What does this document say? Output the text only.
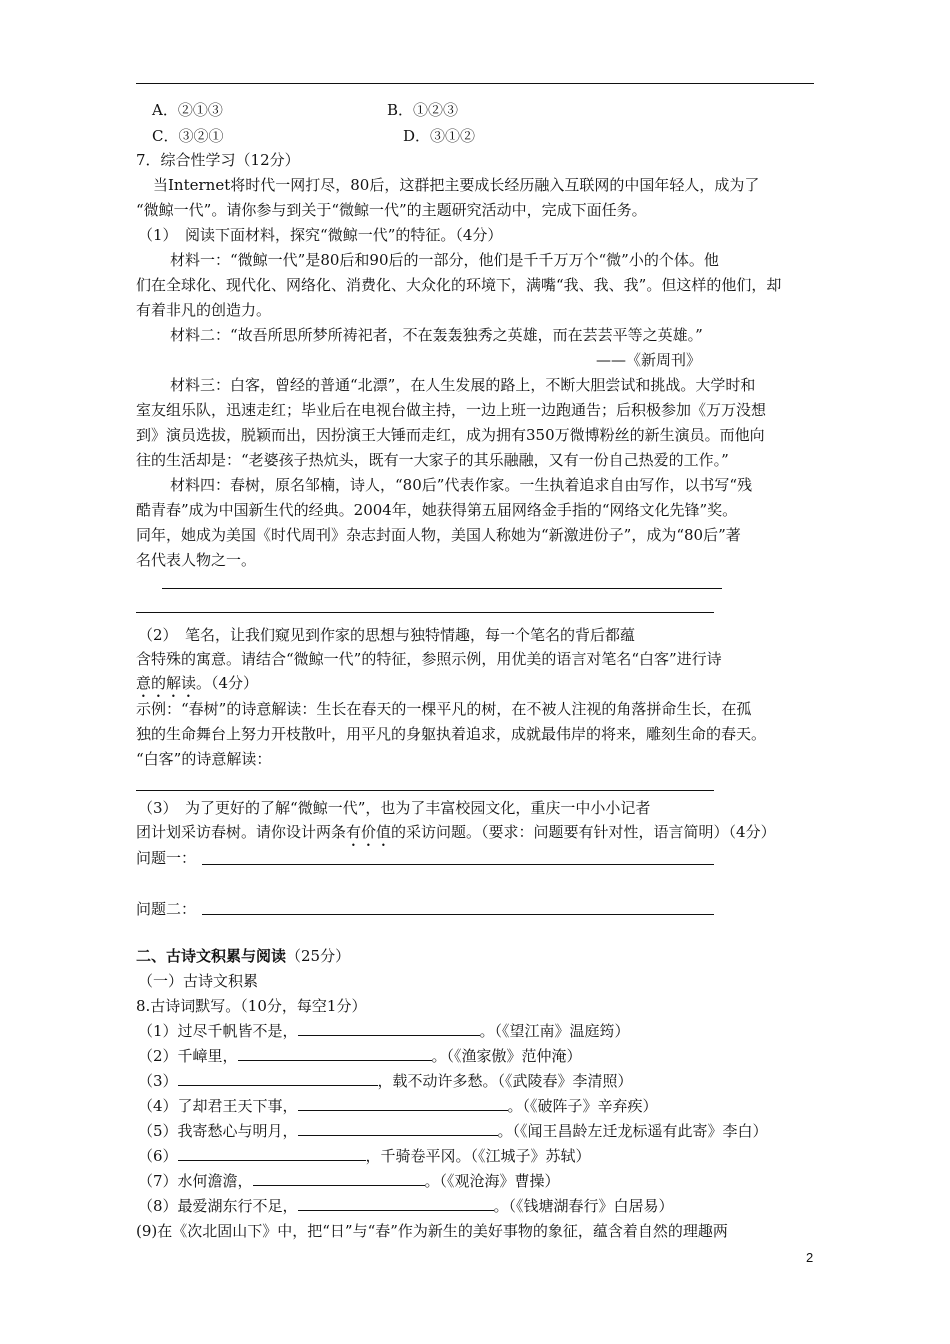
A．②①③	B．①②③
C．③②①	D．③①②
7．综合性学习（12分）
当Internet将时代一网打尽，80后，这群把主要成长经历融入互联网的中国年轻人，成为了
“微鲸一代”。请你参与到关于“微鲸一代”的主题研究活动中，完成下面任务。
（1）　阅读下面材料，探究“微鲸一代”的特征。（4分）
材料一：“微鲸一代”是80后和90后的一部分，他们是千千万万个“微”小的个体。他
们在全球化、现代化、网络化、消费化、大众化的环境下，满嘴“我、我、我”。但这样的他们，却
有着非凡的创造力。
材料二：“故吾所思所梦所祷祀者，不在轰轰独秀之英雄，而在芸芸平等之英雄。”
——《新周刊》
材料三：白客，曾经的普通“北漂”，在人生发展的路上，不断大胆尝试和挑战。大学时和
室友组乐队，迅速走红；毕业后在电视台做主持，一边上班一边跑通告；后积极参加《万万没想
到》演员选拔，脱颖而出，因扮演王大锤而走红，成为拥有350万微博粉丝的新生演员。而他向
往的生活却是：“老婆孩子热炕头，既有一大家子的其乐融融，又有一份自己热爱的工作。”
材料四：春树，原名邹楠，诗人，“80后”代表作家。一生执着追求自由写作，以书写“残
酷青春”成为中国新生代的经典。2004年，她获得第五届网络金手指的“网络文化先锋”奖。
同年，她成为美国《时代周刊》杂志封面人物，美国人称她为“新激进份子”，成为“80后”著
名代表人物之一。
（2）　笔名，让我们窥见到作家的思想与独特情趣，每一个笔名的背后都蕴
含特殊的寓意。请结合“微鲸一代”的特征，参照示例，用优美的语言对笔名“白客”进行诗
意的解读。（4分）
示例：“春树”的诗意解读：生长在春天的一棵平凡的树，在不被人注视的角落拼命生长，在孤
独的生命舞台上努力开枝散叶，用平凡的身躯执着追求，成就最伟岸的将来，雕刻生命的春天。
“白客”的诗意解读：
（3）　为了更好的了解“微鲸一代”，也为了丰富校园文化，重庆一中小小记者
团计划采访春树。请你设计两条有价值的采访问题。（要求：问题要有针对性，语言简明）（4分）
问题一：
问题二：
二、古诗文积累与阅读（25分）
（一）古诗文积累
8.古诗词默写。（10分，每空1分）
（1）过尽千帆皆不是，	。（《望江南》温庭筠）
（2）千嶂里，	。（《渔家傲》范仲淹）
（3）	，载不动许多愁。（《武陵春》李清照）
（4）了却君王天下事，	。（《破阵子》辛弃疾）
（5）我寄愁心与明月，	。（《闻王昌龄左迁龙标遥有此寄》李白）
（6）	，千骑卷平冈。（《江城子》苏轼）
（7）水何澹澹，	。（《观沧海》曹操）
（8）最爱湖东行不足，	。（《钱塘湖春行》白居易）
(9)在《次北固山下》中，把“日”与“春”作为新生的美好事物的象征，蕴含着自然的理趣两
2
